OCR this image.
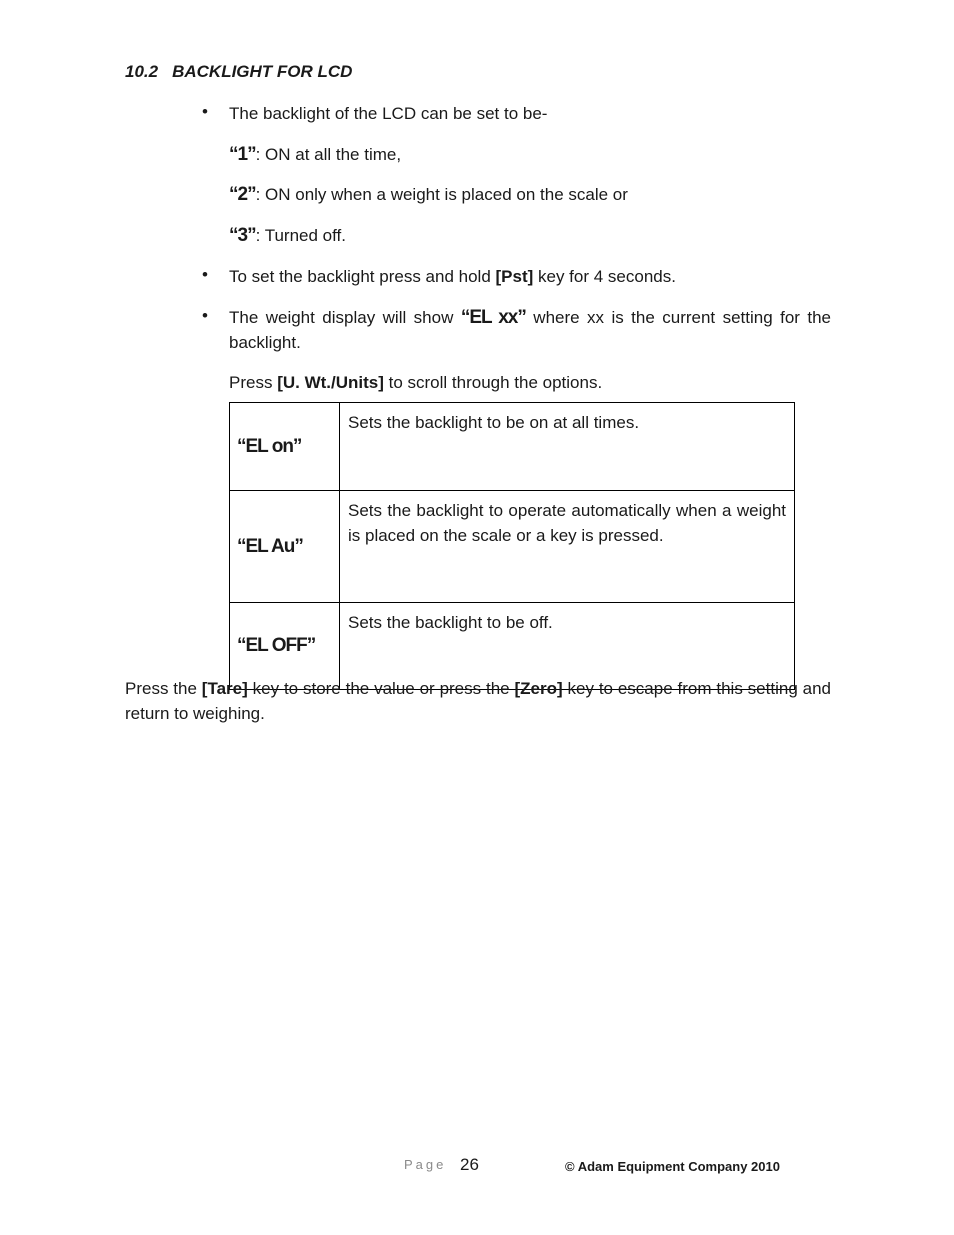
10.2 BACKLIGHT FOR LCD
• The backlight of the LCD can be set to be-
“1”: ON at all the time,
“2”: ON only when a weight is placed on the scale or
“3”: Turned off.
• To set the backlight press and hold [Pst] key for 4 seconds.
• The weight display will show “EL xx” where xx is the current setting for the backlight.
Press [U. Wt./Units] to scroll through the options.
“EL on”	Sets the backlight to be on at all times.
“EL Au”	Sets the backlight to operate automatically when a weight is placed on the scale or a key is pressed.
“EL OFF”	Sets the backlight to be off.
Press the [Tare] key to store the value or press the [Zero] key to escape from this setting and return to weighing.
Page 26	© Adam Equipment Company 2010
